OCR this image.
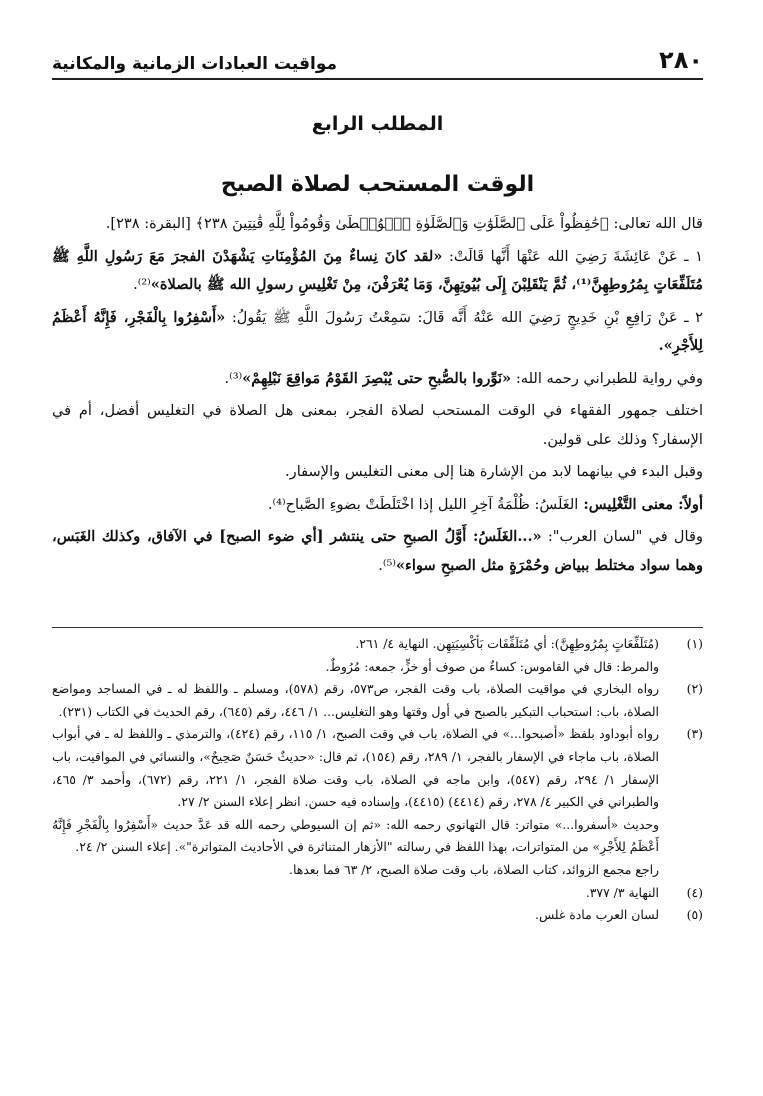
٢٨٠
مواقيت العبادات الزمانية والمكانية
المطلب الرابع
الوقت المستحب لصلاة الصبح

قال الله تعالى: ﴿حَٰفِظُواْ عَلَى ٱلصَّلَوَٰتِ وَٱلصَّلَوٰةِ ٱلۡوُسۡطَىٰ وَقُومُواْ لِلَّهِ قَٰنِتِينَ ٢٣٨﴾ [البقرة: ٢٣٨].

١ ـ عَنْ عَائِشَةَ رَضِيَ الله عَنْهَا أَنَّها قَالَتْ: «لقد كانَ نِساءٌ مِنَ المُؤْمِنَاتِ يَشْهَدْنَ الفجرَ مَعَ رَسُولِ اللَّهِ ﷺ مُتَلَفِّعَاتٍ بِمُرُوطِهِنَّ⁽¹⁾، ثُمَّ يَنْقَلِبْنَ إِلَى بُيُوتِهِنَّ، وَمَا يُعْرَفْنَ، مِنْ تَغْلِيسِ رسولِ الله ﷺ بالصلاة»⁽²⁾.

٢ ـ عَنْ رَافِعِ بْنِ خَدِيجٍ رَضِيَ الله عَنْهُ أَنَّه قَالَ: سَمِعْتُ رَسُولَ اللَّهِ ﷺ يَقُولُ: «أَسْفِرُوا بِالْفَجْرِ، فَإِنَّهُ أَعْظَمُ لِلأَجْرِ».

وفي رواية للطبراني رحمه الله: «نَوِّروا بالصُّبحِ حتى يُبْصِرَ القَوْمُ مَواقِعَ نَبْلِهِمْ»⁽³⁾.

اختلف جمهور الفقهاء في الوقت المستحب لصلاة الفجر، بمعنى هل الصلاة في التغليس أفضل، أم في الإسفار؟ وذلك على قولين.

وقبل البدء في بيانهما لابد من الإشارة هنا إلى معنى التغليس والإسفار.

أولاً: معنى التَّغْلِيس: الغَلَسُ: ظُلْمَةُ آخِرِ الليل إذا اخْتَلَطَتْ بضوءِ الصَّباح⁽⁴⁾.

وقال في "لسان العرب": «...الغَلَسُ: أَوَّلُ الصبحِ حتى ينتشر [أي ضوء الصبح] في الآفاق، وكذلك الغَبَس، وهما سواد مختلط ببياض وحُمْرَةٍ مثل الصبحِ سواء»⁽⁵⁾.

(١)
(مُتَلَفِّعَاتٍ بِمُرُوطِهِنَّ): أي مُتَلَفِّفَات بَأكْسِيَتِهِن. النهاية ٤/ ٢٦١.
والمرط: قال في القاموس: كساءٌ من صوف أو خزٍّ، جمعه: مُرُوطٌ.
(٢)
رواه البخاري في مواقيت الصلاة، باب وقت الفجر، ص٥٧٣، رقم (٥٧٨)، ومسلم ـ واللفظ له ـ في المساجد ومواضع الصلاة، باب: استحباب التبكير بالصبح في أول وقتها وهو التغليس... ١/ ٤٤٦، رقم (٦٤٥)، رقم الحديث في الكتاب (٢٣١).
(٣)
رواه أبوداود بلفظ «أصبحوا...» في الصلاة، باب في وقت الصبح، ١/ ١١٥، رقم (٤٢٤)، والترمذي ـ واللفظ له ـ في أبواب الصلاة، باب ماجاء في الإسفار بالفجر، ١/ ٢٨٩، رقم (١٥٤)، ثم قال: «حديثٌ حَسَنٌ صَحِيحٌ»، والنسائي في المواقيت، باب الإسفار ١/ ٢٩٤، رقم (٥٤٧)، وابن ماجه في الصلاة، باب وقت صلاة الفجر، ١/ ٢٢١، رقم (٦٧٢)، وأحمد ٣/ ٤٦٥، والطبراني في الكبير ٤/ ٢٧٨، رقم (٤٤١٤) (٤٤١٥)، وإسناده فيه حسن. انظر إعلاء السنن ٢/ ٢٧.
وحديث «أسفروا...» متواتر: قال التهانوي رحمه الله: «ثم إن السيوطي رحمه الله قد عَدَّ حديث «أَسْفِرُوا بِالْفَجْرِ فَإِنَّهُ أَعْظَمُ لِلأَجْرِ» من المتواترات، بهذا اللفظ في رسالته "الأزهار المتناثرة في الأحاديث المتواترة"». إعلاء السنن ٢/ ٢٤.
راجع مجمع الزوائد، كتاب الصلاة، باب وقت صلاة الصبح، ٢/ ٦٣ فما بعدها.
(٤)
النهاية ٣/ ٣٧٧.
(٥)
لسان العرب مادة غلس.
